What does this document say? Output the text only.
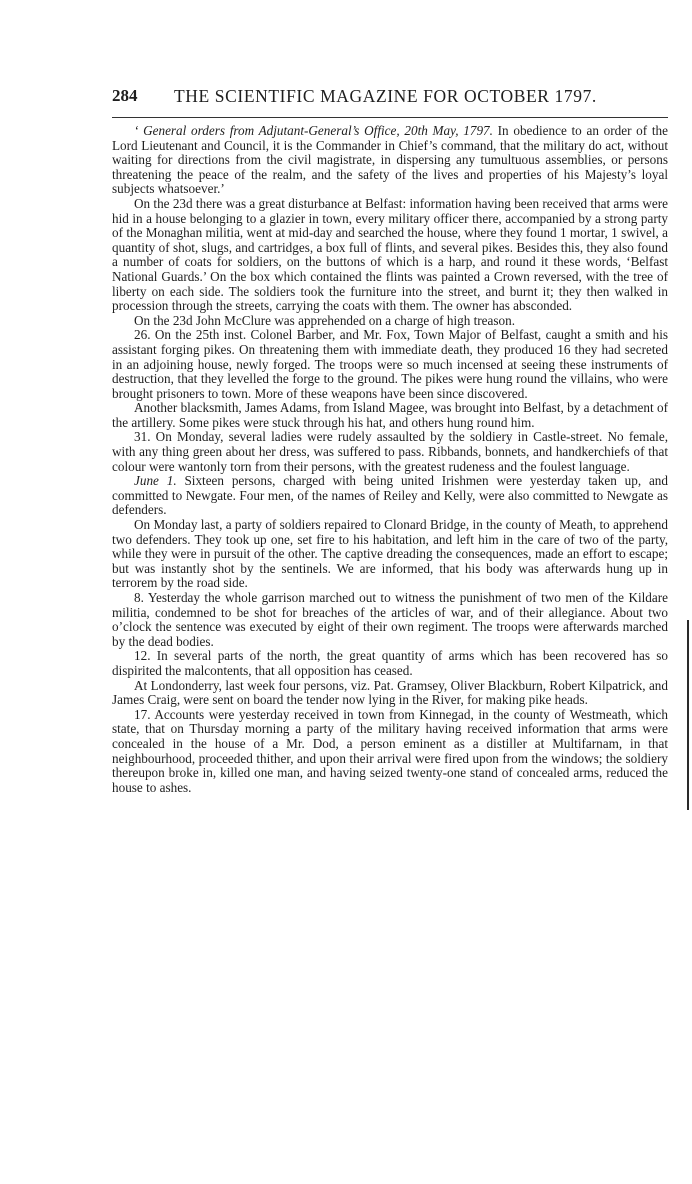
284 THE SCIENTIFIC MAGAZINE FOR OCTOBER 1797.

‘ General orders from Adjutant-General’s Office, 20th May, 1797. In obedience to an order of the Lord Lieutenant and Council, it is the Commander in Chief’s command, that the military do act, without waiting for directions from the civil magistrate, in dispersing any tumultuous assemblies, or persons threatening the peace of the realm, and the safety of the lives and properties of his Majesty’s loyal subjects whatsoever.’

On the 23d there was a great disturbance at Belfast: information having been received that arms were hid in a house belonging to a glazier in town, every military officer there, accompanied by a strong party of the Monaghan militia, went at mid-day and searched the house, where they found 1 mortar, 1 swivel, a quantity of shot, slugs, and cartridges, a box full of flints, and several pikes. Besides this, they also found a number of coats for soldiers, on the buttons of which is a harp, and round it these words, ‘Belfast National Guards.’ On the box which contained the flints was painted a Crown reversed, with the tree of liberty on each side. The soldiers took the furniture into the street, and burnt it; they then walked in procession through the streets, carrying the coats with them. The owner has absconded.

On the 23d John McClure was apprehended on a charge of high treason.

26. On the 25th inst. Colonel Barber, and Mr. Fox, Town Major of Belfast, caught a smith and his assistant forging pikes. On threatening them with immediate death, they produced 16 they had secreted in an adjoining house, newly forged. The troops were so much incensed at seeing these instruments of destruction, that they levelled the forge to the ground. The pikes were hung round the villains, who were brought prisoners to town. More of these weapons have been since discovered.

Another blacksmith, James Adams, from Island Magee, was brought into Belfast, by a detachment of the artillery. Some pikes were stuck through his hat, and others hung round him.

31. On Monday, several ladies were rudely assaulted by the soldiery in Castle-street. No female, with any thing green about her dress, was suffered to pass. Ribbands, bonnets, and handkerchiefs of that colour were wantonly torn from their persons, with the greatest rudeness and the foulest language.

June 1. Sixteen persons, charged with being united Irishmen were yesterday taken up, and committed to Newgate. Four men, of the names of Reiley and Kelly, were also committed to Newgate as defenders.

On Monday last, a party of soldiers repaired to Clonard Bridge, in the county of Meath, to apprehend two defenders. They took up one, set fire to his habitation, and left him in the care of two of the party, while they were in pursuit of the other. The captive dreading the consequences, made an effort to escape; but was instantly shot by the sentinels. We are informed, that his body was afterwards hung up in terrorem by the road side.

8. Yesterday the whole garrison marched out to witness the punishment of two men of the Kildare militia, condemned to be shot for breaches of the articles of war, and of their allegiance. About two o’clock the sentence was executed by eight of their own regiment. The troops were afterwards marched by the dead bodies.

12. In several parts of the north, the great quantity of arms which has been recovered has so dispirited the malcontents, that all opposition has ceased.

At Londonderry, last week four persons, viz. Pat. Gramsey, Oliver Blackburn, Robert Kilpatrick, and James Craig, were sent on board the tender now lying in the River, for making pike heads.

17. Accounts were yesterday received in town from Kinnegad, in the county of Westmeath, which state, that on Thursday morning a party of the military having received information that arms were concealed in the house of a Mr. Dod, a person eminent as a distiller at Multifarnam, in that neighbourhood, proceeded thither, and upon their arrival were fired upon from the windows; the soldiery thereupon broke in, killed one man, and having seized twenty-one stand of concealed arms, reduced the house to ashes.
